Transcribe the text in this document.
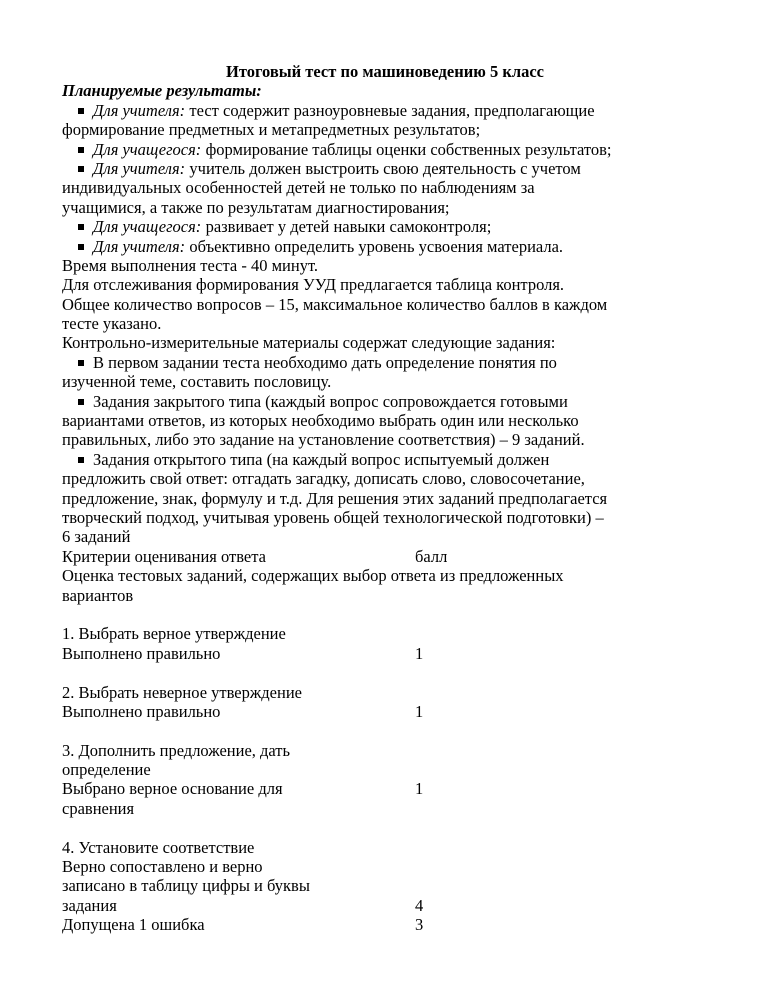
Итоговый тест по машиноведению 5 класс
Планируемые результаты:
Для учителя: тест содержит разноуровневые задания, предполагающие
формирование предметных и метапредметных результатов;
Для учащегося: формирование таблицы оценки собственных результатов;
Для учителя: учитель должен выстроить свою деятельность с учетом
индивидуальных особенностей детей не только по наблюдениям за
учащимися, а также по результатам диагностирования;
Для учащегося: развивает у детей навыки самоконтроля;
Для учителя: объективно определить уровень усвоения материала.
Время выполнения теста - 40 минут.
Для отслеживания формирования УУД предлагается таблица контроля.
Общее количество вопросов – 15, максимальное количество баллов в каждом
тесте указано.
Контрольно-измерительные материалы содержат следующие задания:
В первом задании теста необходимо дать определение понятия по
изученной теме, составить пословицу.
Задания закрытого типа (каждый вопрос сопровождается готовыми
вариантами ответов, из которых необходимо выбрать один или несколько
правильных, либо это задание на установление соответствия) – 9 заданий.
Задания открытого типа (на каждый вопрос испытуемый должен
предложить свой ответ: отгадать загадку, дописать слово, словосочетание,
предложение, знак, формулу и т.д. Для решения этих заданий предполагается
творческий подход, учитывая уровень общей технологической подготовки) –
6 заданий
Критерии оценивания ответа	балл
Оценка тестовых заданий, содержащих выбор ответа из предложенных
вариантов
1. Выбрать верное утверждение
Выполнено правильно	1
2. Выбрать неверное утверждение
Выполнено правильно	1
3. Дополнить предложение, дать
определение
Выбрано верное основание для	1
сравнения
4. Установите соответствие
Верно сопоставлено и верно
записано в таблицу цифры и буквы
задания	4
Допущена 1 ошибка	3
